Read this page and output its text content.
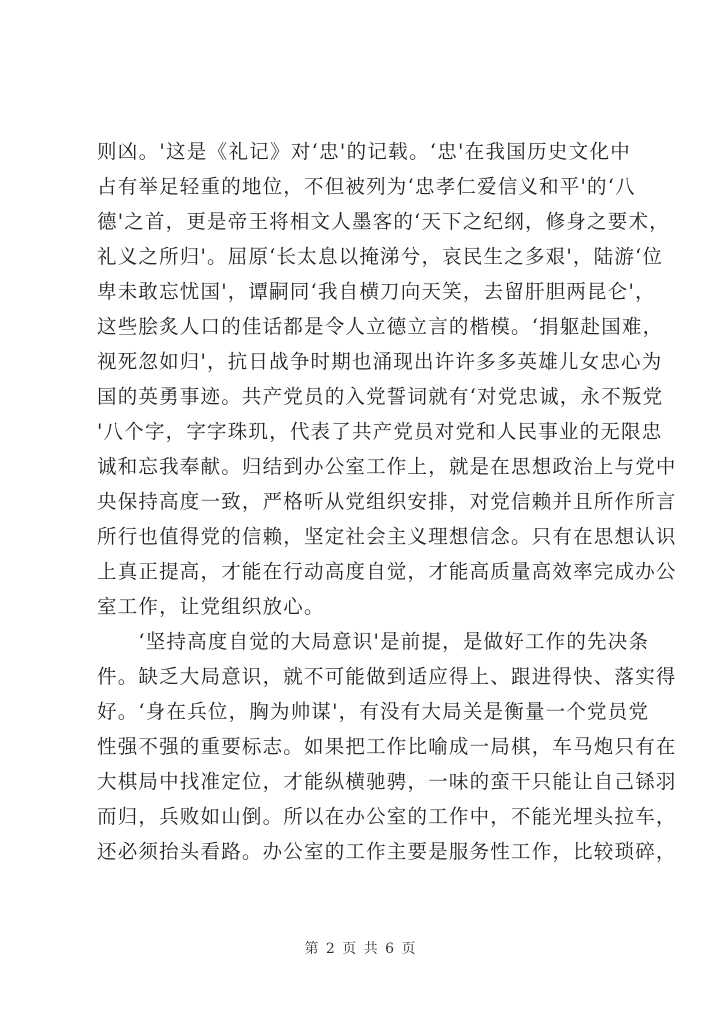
则凶。'这是《礼记》对‘忠'的记载。‘忠'在我国历史文化中
占有举足轻重的地位，不但被列为‘忠孝仁爱信义和平'的‘八
德'之首，更是帝王将相文人墨客的‘天下之纪纲，修身之要术，
礼义之所归'。屈原‘长太息以掩涕兮，哀民生之多艰'，陆游‘位
卑未敢忘忧国'，谭嗣同‘我自横刀向天笑，去留肝胆两昆仑'，
这些脍炙人口的佳话都是令人立德立言的楷模。‘捐躯赴国难，
视死忽如归'，抗日战争时期也涌现出许许多多英雄儿女忠心为
国的英勇事迹。共产党员的入党誓词就有‘对党忠诚，永不叛党
'八个字，字字珠玑，代表了共产党员对党和人民事业的无限忠
诚和忘我奉献。归结到办公室工作上，就是在思想政治上与党中
央保持高度一致，严格听从党组织安排，对党信赖并且所作所言
所行也值得党的信赖，坚定社会主义理想信念。只有在思想认识
上真正提高，才能在行动高度自觉，才能高质量高效率完成办公
室工作，让党组织放心。
　　‘坚持高度自觉的大局意识'是前提，是做好工作的先决条
件。缺乏大局意识，就不可能做到适应得上、跟进得快、落实得
好。‘身在兵位，胸为帅谋'，有没有大局关是衡量一个党员党
性强不强的重要标志。如果把工作比喻成一局棋，车马炮只有在
大棋局中找准定位，才能纵横驰骋，一味的蛮干只能让自己铩羽
而归，兵败如山倒。所以在办公室的工作中，不能光埋头拉车，
还必须抬头看路。办公室的工作主要是服务性工作，比较琐碎，
第 2 页 共 6 页
